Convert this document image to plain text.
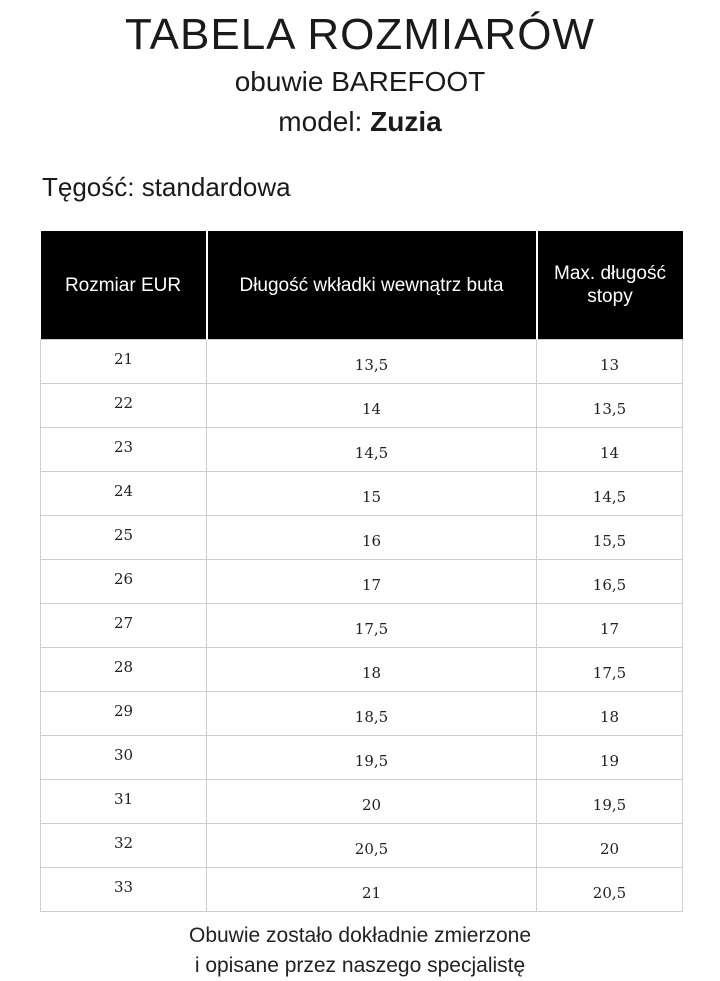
TABELA ROZMIARÓW
obuwie BAREFOOT
model: Zuzia
Tęgość: standardowa
Rozmiar EUR	Długość wkładki wewnątrz buta	Max. długość stopy
21	13,5	13
22	14	13,5
23	14,5	14
24	15	14,5
25	16	15,5
26	17	16,5
27	17,5	17
28	18	17,5
29	18,5	18
30	19,5	19
31	20	19,5
32	20,5	20
33	21	20,5
Obuwie zostało dokładnie zmierzone
i opisane przez naszego specjalistę
